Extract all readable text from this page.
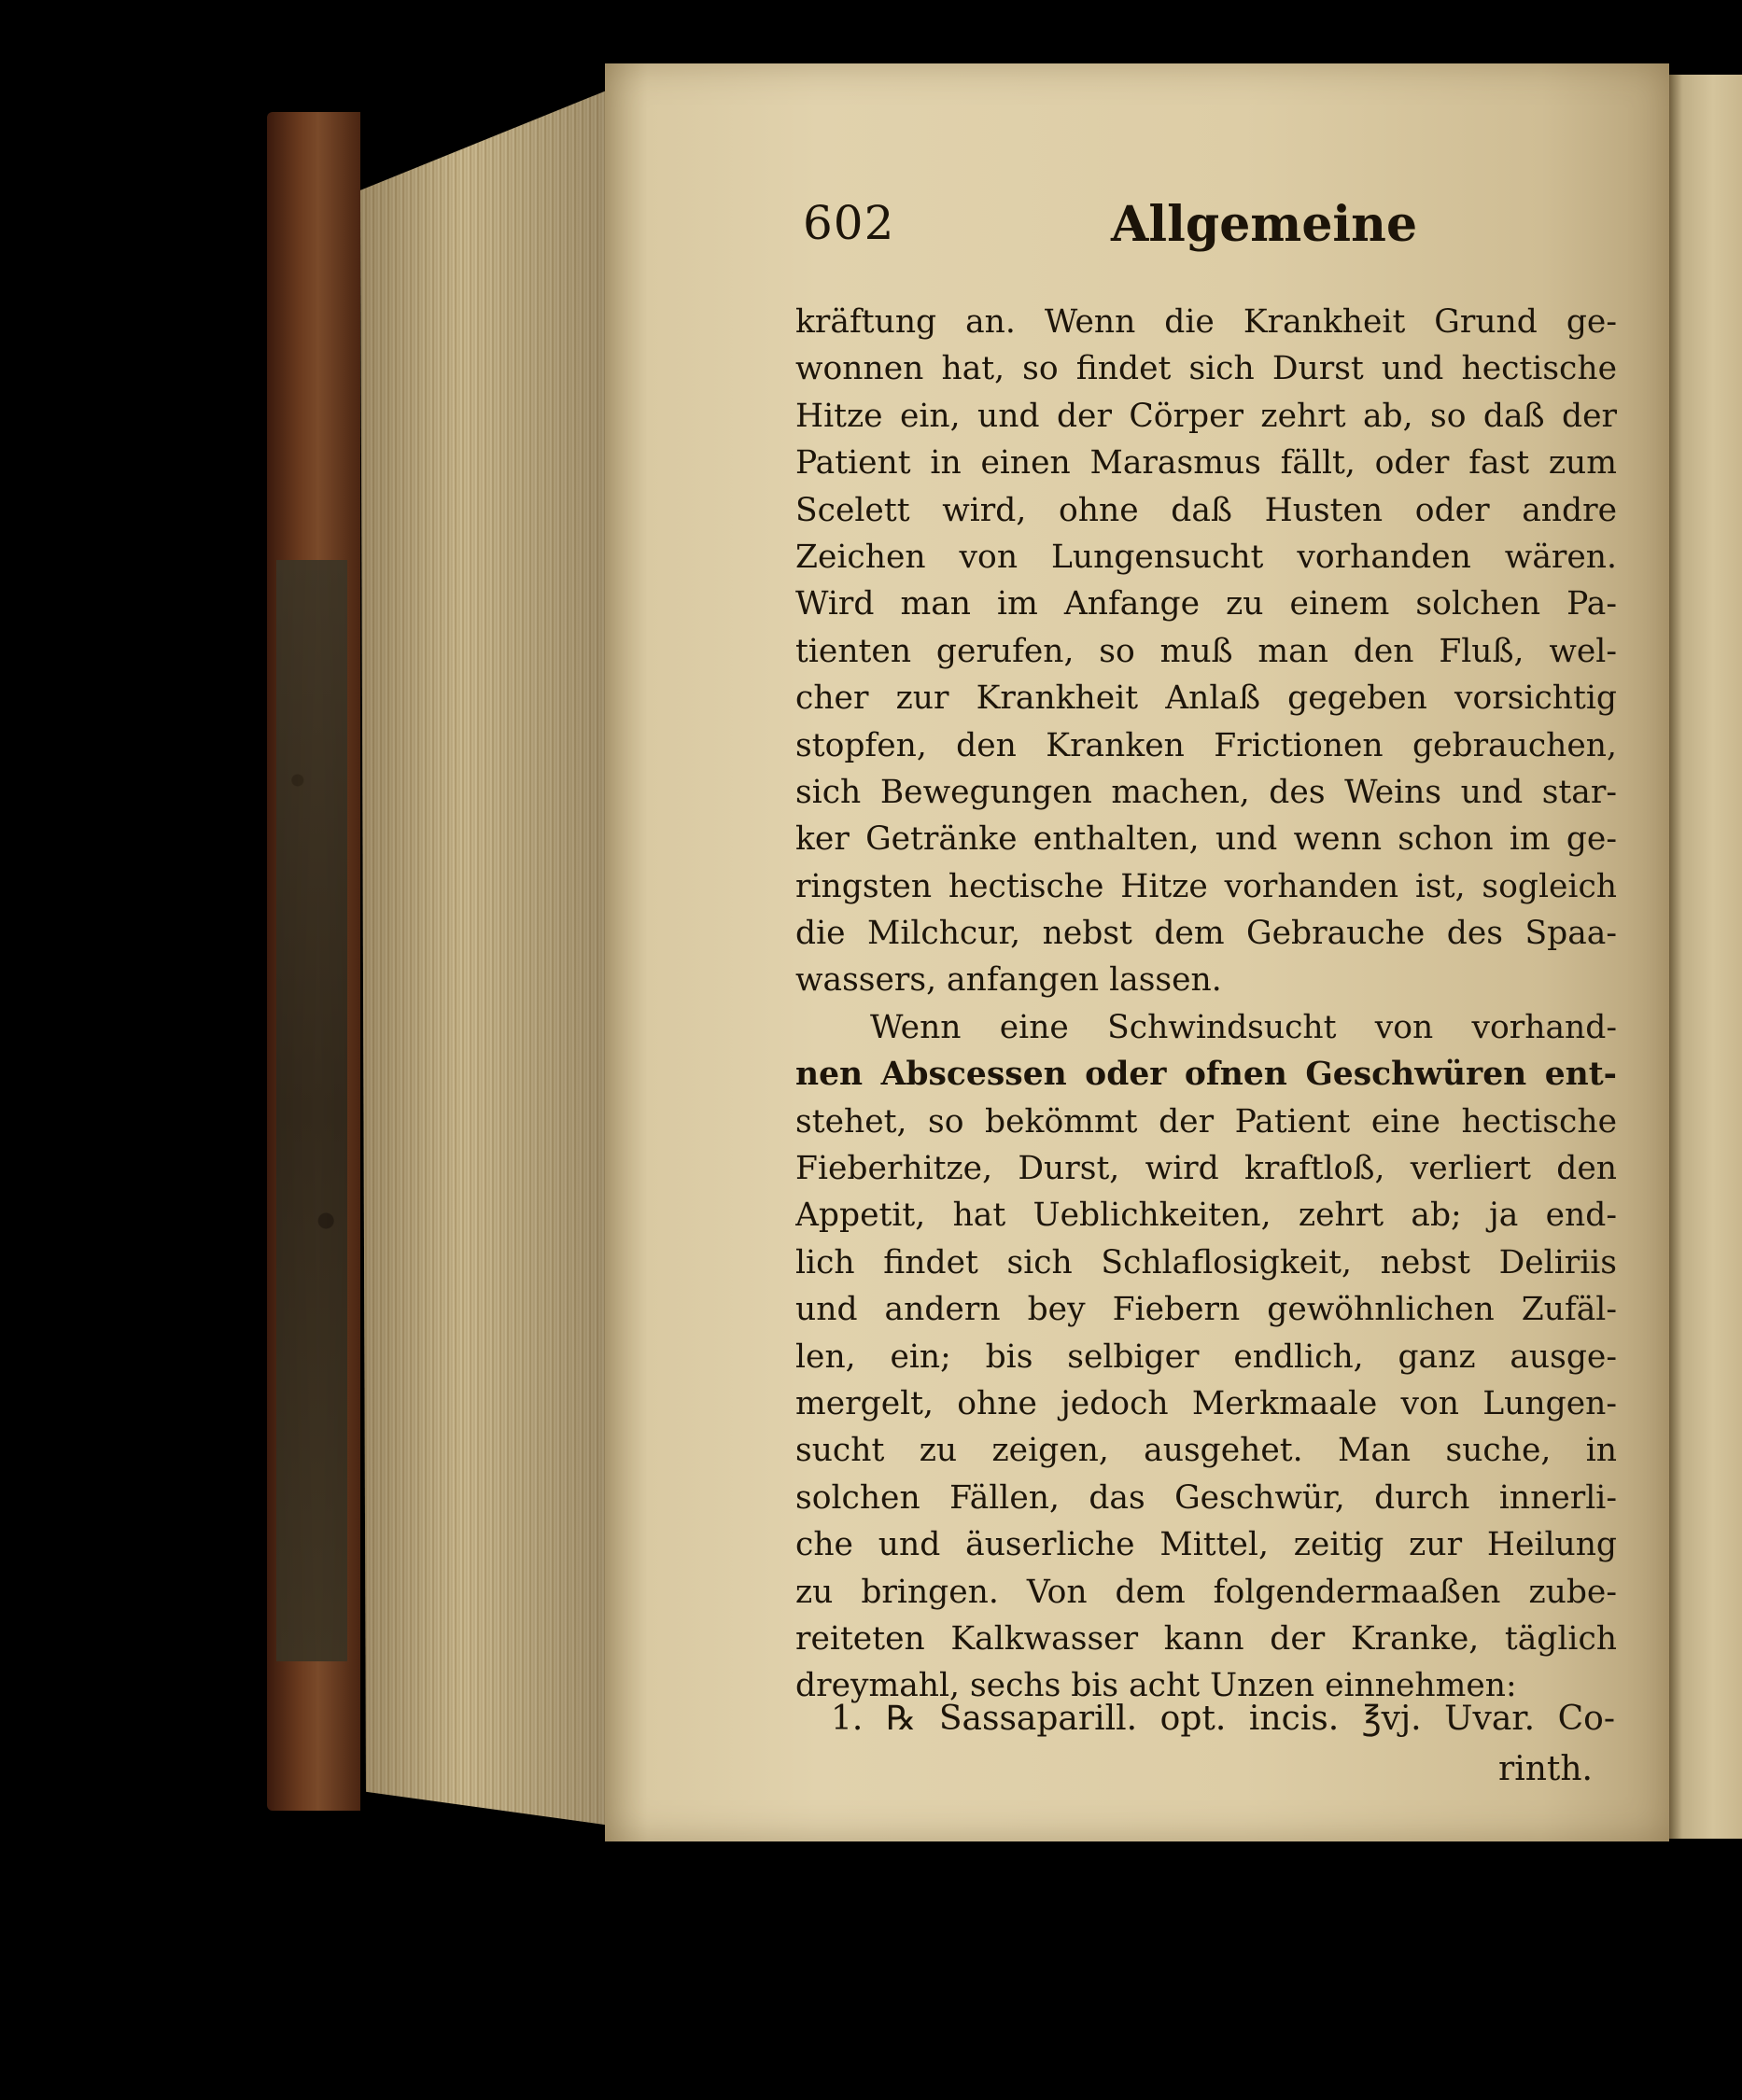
602	Allgemeine
kräftung an. Wenn die Krankheit Grund ge-
wonnen hat, so findet sich Durst und hectische
Hitze ein, und der Cörper zehrt ab, so daß der
Patient in einen Marasmus fällt, oder fast zum
Scelett wird, ohne daß Husten oder andre
Zeichen von Lungensucht vorhanden wären.
Wird man im Anfange zu einem solchen Pa-
tienten gerufen, so muß man den Fluß, wel-
cher zur Krankheit Anlaß gegeben vorsichtig
stopfen, den Kranken Frictionen gebrauchen,
sich Bewegungen machen, des Weins und star-
ker Getränke enthalten, und wenn schon im ge-
ringsten hectische Hitze vorhanden ist, sogleich
die Milchcur, nebst dem Gebrauche des Spaa-
wassers, anfangen lassen.
Wenn eine Schwindsucht von vorhand-
nen Abscessen oder ofnen Geschwüren ent-
stehet, so bekömmt der Patient eine hectische
Fieberhitze, Durst, wird kraftloß, verliert den
Appetit, hat Ueblichkeiten, zehrt ab; ja end-
lich findet sich Schlaflosigkeit, nebst Deliriis
und andern bey Fiebern gewöhnlichen Zufäl-
len, ein; bis selbiger endlich, ganz ausge-
mergelt, ohne jedoch Merkmaale von Lungen-
sucht zu zeigen, ausgehet. Man suche, in
solchen Fällen, das Geschwür, durch innerli-
che und äuserliche Mittel, zeitig zur Heilung
zu bringen. Von dem folgendermaaßen zube-
reiteten Kalkwasser kann der Kranke, täglich
dreymahl, sechs bis acht Unzen einnehmen:
1. ℞ Sassaparill. opt. incis. ℥vj. Uvar. Co-
rinth.
